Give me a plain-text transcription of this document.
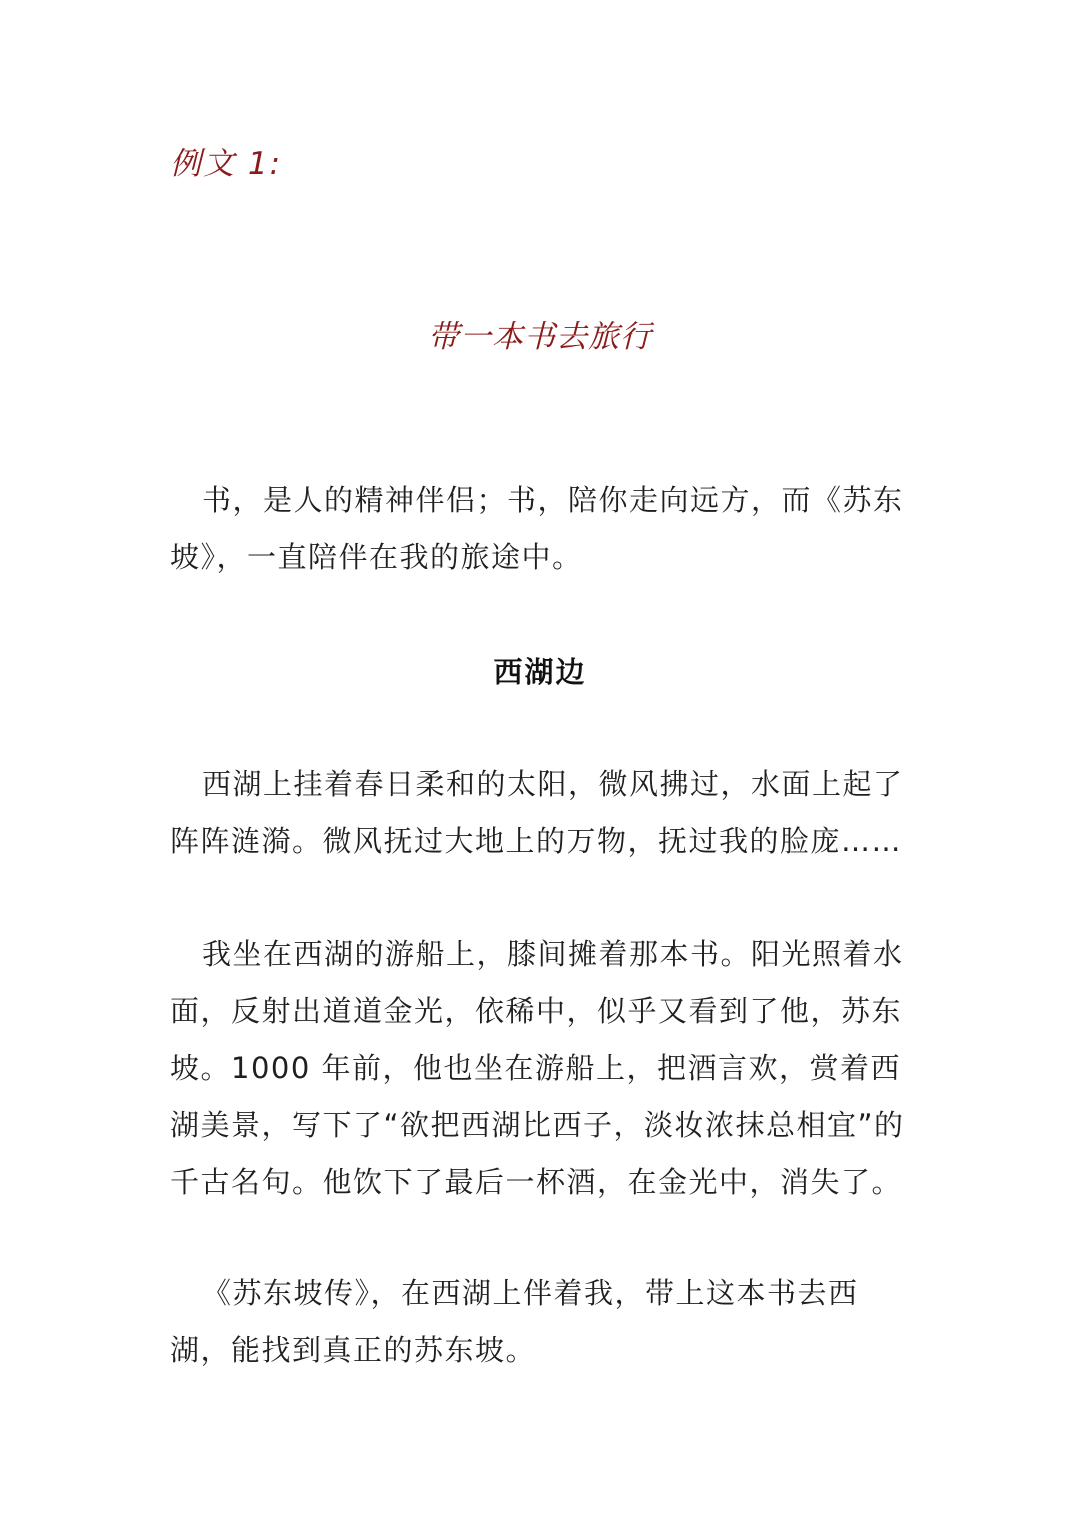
例文 1:
带一本书去旅行

书，是人的精神伴侣；书，陪你走向远方，而《苏东坡》，一直陪伴在我的旅途中。

西湖边

西湖上挂着春日柔和的太阳，微风拂过，水面上起了阵阵涟漪。微风抚过大地上的万物，抚过我的脸庞……

我坐在西湖的游船上，膝间摊着那本书。阳光照着水面，反射出道道金光，依稀中，似乎又看到了他，苏东坡。1000 年前，他也坐在游船上，把酒言欢，赏着西湖美景，写下了“欲把西湖比西子，淡妆浓抹总相宜”的千古名句。他饮下了最后一杯酒，在金光中，消失了。

《苏东坡传》，在西湖上伴着我，带上这本书去西湖，能找到真正的苏东坡。
